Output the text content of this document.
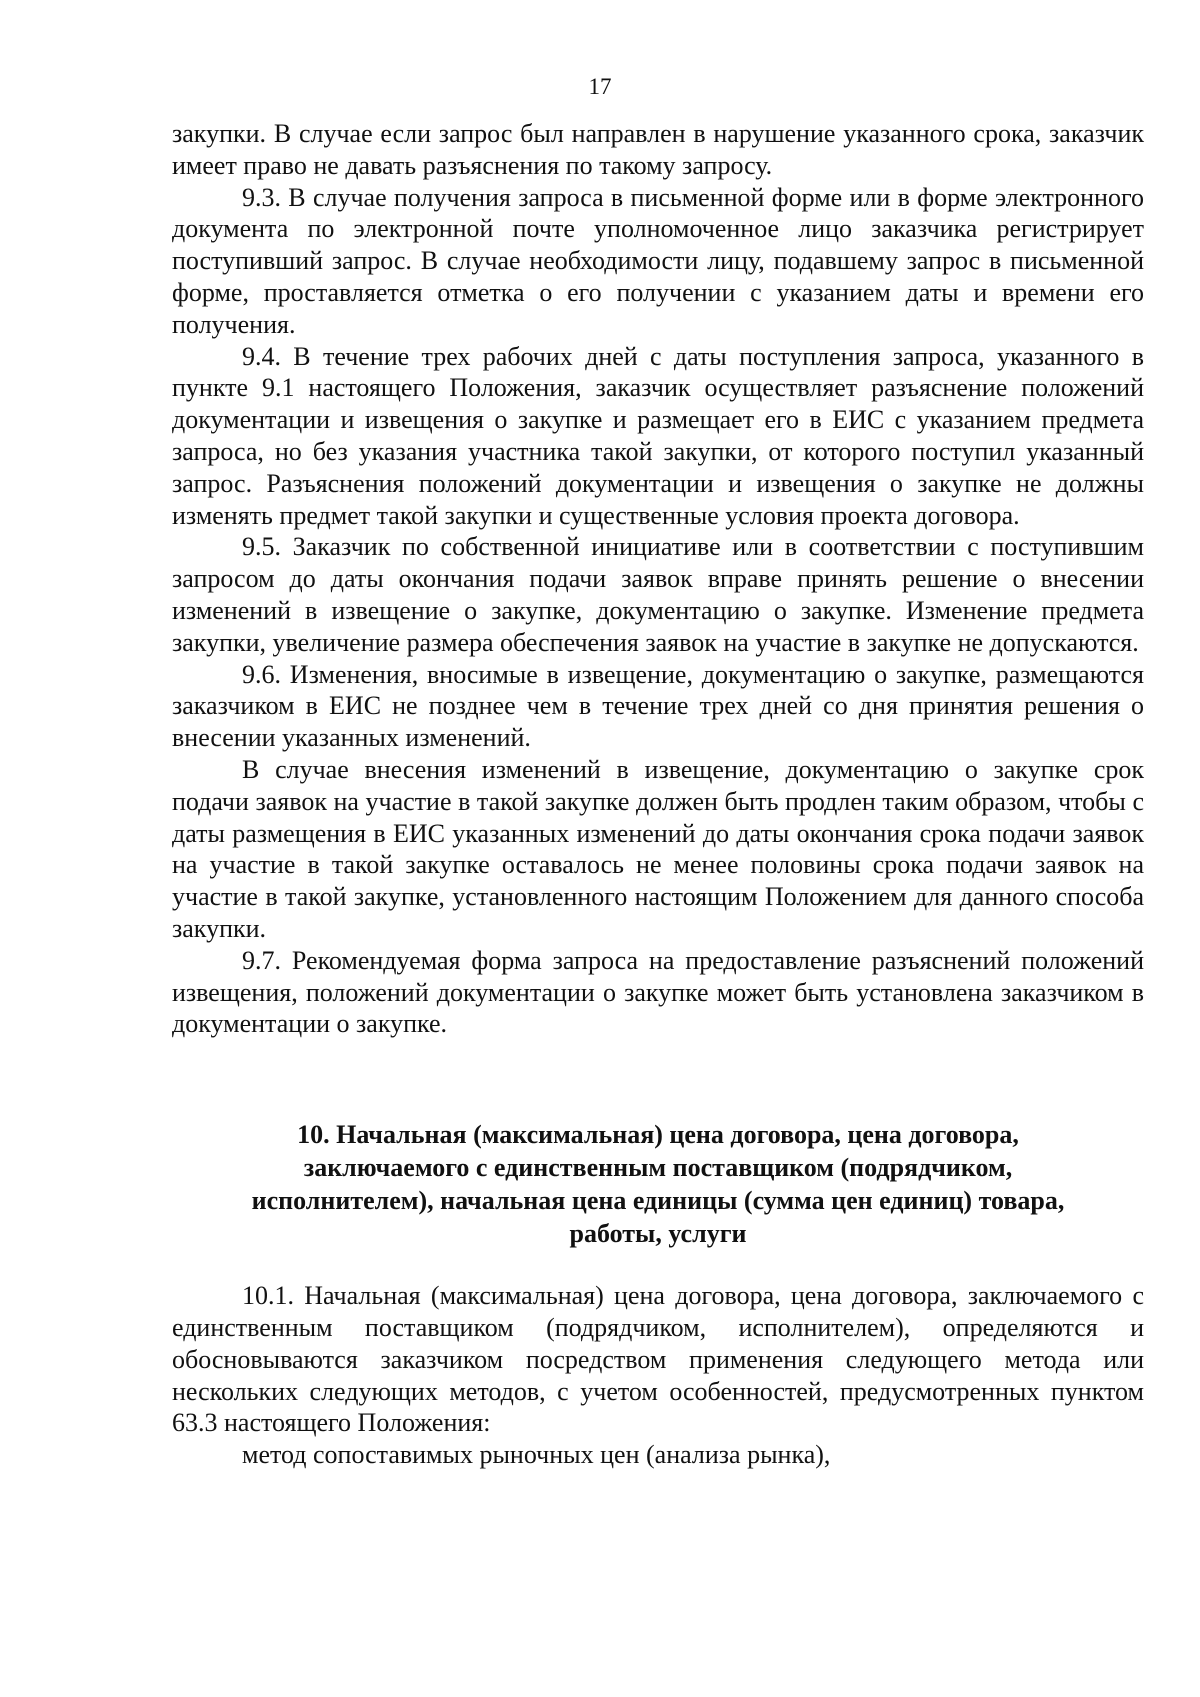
17

закупки. В случае если запрос был направлен в нарушение указанного срока, заказчик имеет право не давать разъяснения по такому запросу.

9.3. В случае получения запроса в письменной форме или в форме электронного документа по электронной почте уполномоченное лицо заказчика регистрирует поступивший запрос. В случае необходимости лицу, подавшему запрос в письменной форме, проставляется отметка о его получении с указанием даты и времени его получения.

9.4. В течение трех рабочих дней с даты поступления запроса, указанного в пункте 9.1 настоящего Положения, заказчик осуществляет разъяснение положений документации и извещения о закупке и размещает его в ЕИС с указанием предмета запроса, но без указания участника такой закупки, от которого поступил указанный запрос. Разъяснения положений документации и извещения о закупке не должны изменять предмет такой закупки и существенные условия проекта договора.

9.5. Заказчик по собственной инициативе или в соответствии с поступившим запросом до даты окончания подачи заявок вправе принять решение о внесении изменений в извещение о закупке, документацию о закупке. Изменение предмета закупки, увеличение размера обеспечения заявок на участие в закупке не допускаются.

9.6. Изменения, вносимые в извещение, документацию о закупке, размещаются заказчиком в ЕИС не позднее чем в течение трех дней со дня принятия решения о внесении указанных изменений.

В случае внесения изменений в извещение, документацию о закупке срок подачи заявок на участие в такой закупке должен быть продлен таким образом, чтобы с даты размещения в ЕИС указанных изменений до даты окончания срока подачи заявок на участие в такой закупке оставалось не менее половины срока подачи заявок на участие в такой закупке, установленного настоящим Положением для данного способа закупки.

9.7. Рекомендуемая форма запроса на предоставление разъяснений положений извещения, положений документации о закупке может быть установлена заказчиком в документации о закупке.

10. Начальная (максимальная) цена договора, цена договора, заключаемого с единственным поставщиком (подрядчиком, исполнителем), начальная цена единицы (сумма цен единиц) товара, работы, услуги

10.1. Начальная (максимальная) цена договора, цена договора, заключаемого с единственным поставщиком (подрядчиком, исполнителем), определяются и обосновываются заказчиком посредством применения следующего метода или нескольких следующих методов, с учетом особенностей, предусмотренных пунктом 63.3 настоящего Положения:

метод сопоставимых рыночных цен (анализа рынка),
